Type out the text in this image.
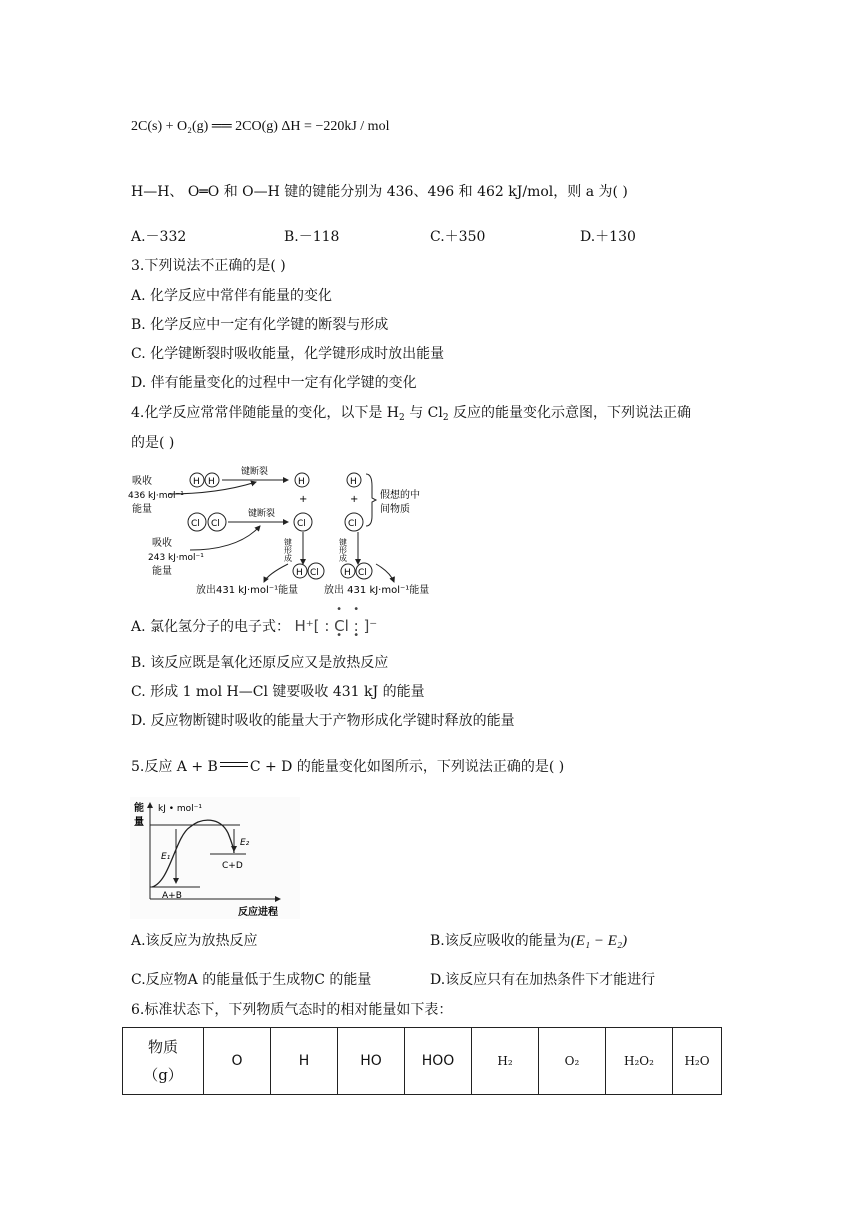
2C(s) + O₂(g) ══ 2CO(g) ΔH = −220kJ / mol
H—H、 O═O 和 O—H 键的键能分别为 436、496 和 462 kJ/mol，则 a 为( )
A.－332	B.－118	C.＋350	D.＋130
3.下列说法不正确的是( )
A. 化学反应中常伴有能量的变化
B. 化学反应中一定有化学键的断裂与形成
C. 化学键断裂时吸收能量，化学键形成时放出能量
D. 伴有能量变化的过程中一定有化学键的变化
4.化学反应常常伴随能量的变化，以下是 $H_2$ 与 $Cl_2$ 反应的能量变化示意图，下列说法正确
的是( )
吸收
436 kJ·mol⁻¹
能量
吸收
243 kJ·mol⁻¹
能量
H H
键断裂
H
+
Cl Cl
键断裂
Cl
键形成
H Cl
放出431 kJ·mol⁻¹能量
H
+
Cl
假想的中
间物质
键形成
H Cl
放出 431 kJ·mol⁻¹能量
A. 氯化氢分子的电子式： H⁺[ :
• •
Cl
• •
: ]⁻
B. 该反应既是氧化还原反应又是放热反应
C. 形成 1 mol H—Cl 键要吸收 431 kJ 的能量
D. 反应物断键时吸收的能量大于产物形成化学键时释放的能量
5.反应 A + B C + D 的能量变化如图所示，下列说法正确的是( )
能
量
kJ • mol⁻¹
反应进程
A+B
C+D
E₁
E₂
A.该反应为放热反应	B.该反应吸收的能量为(E₁ − E₂)
C.反应物A 的能量低于生成物C 的能量	D.该反应只有在加热条件下才能进行
6.标准状态下，下列物质气态时的相对能量如下表：
物质
（g）
	O	H	HO	HOO	H₂	O₂	H₂O₂	H₂O
